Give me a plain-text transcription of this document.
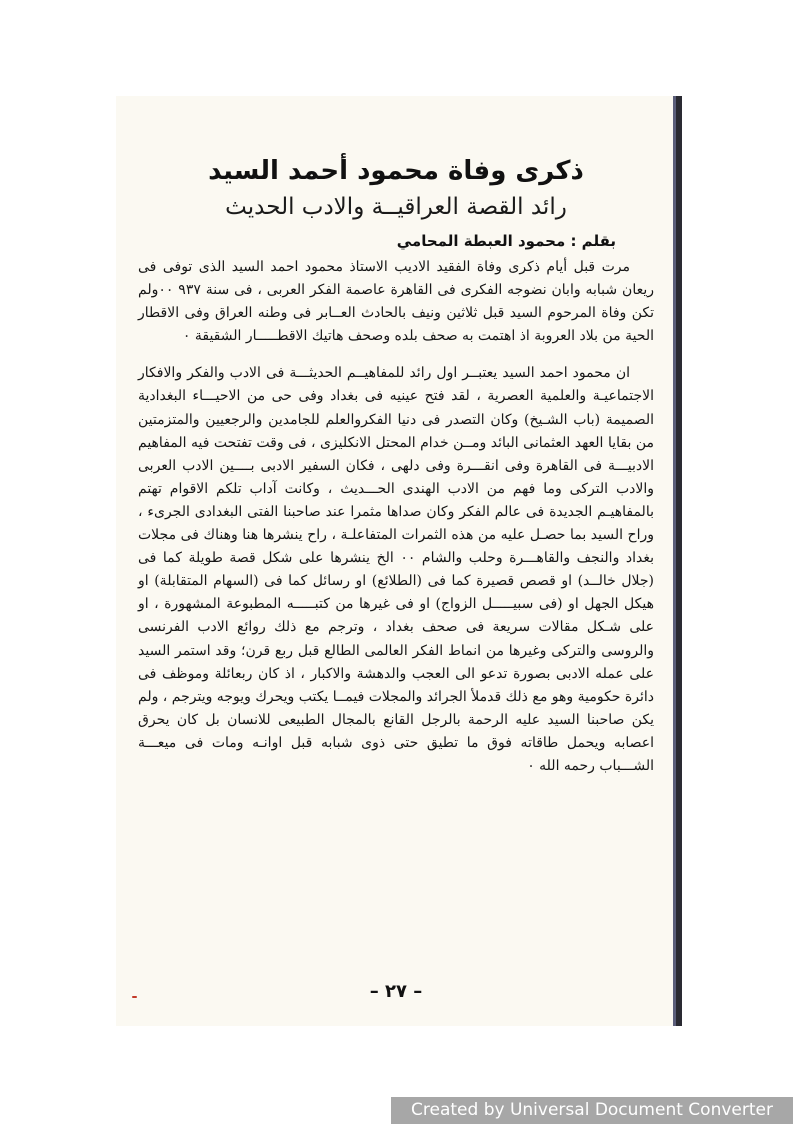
ذكرى وفاة محمود أحمد السيد
رائد القصة العراقيــة والادب الحديث
بقلم : محمود العبطة المحامي

مرت قبل أيام ذكرى وفاة الفقيد الاديب الاستاذ محمود احمد السيد الذى توفى فى ريعان شبابه وابان نضوجه الفكرى فى القاهرة عاصمة الفكر العربى ، فى سنة ٩٣٧ ٠٠ولم تكن وفاة المرحوم السيد قبل ثلاثين ونيف بالحادث العــابر فى وطنه العراق وفى الاقطار الحية من بلاد العروبة اذ اهتمت به صحف بلده وصحف هاتيك الاقطـــــار الشقيقة ٠

ان محمود احمد السيد يعتبــر اول رائد للمفاهيــم الحديثـــة فى الادب والفكر والافكار الاجتماعيـة والعلمية العصرية ، لقد فتح عينيه فى بغداد وفى حى من الاحيـــاء البغدادية الصميمة (باب الشـيخ) وكان التصدر فى دنيا الفكروالعلم للجامدين والرجعيين والمتزمتين من بقايا العهد العثمانى البائد ومــن خدام المحتل الانكليزى ، فى وقت تفتحت فيه المفاهيم الادبيـــة فى القاهرة وفى انقـــرة وفى دلهى ، فكان السفير الادبى بــــين الادب العربى والادب التركى وما فهم من الادب الهندى الحـــديث ، وكانت آداب تلكم الاقوام تهتم بالمفاهيـم الجديدة فى عالم الفكر وكان صداها مثمرا عند صاحبنا الفتى البغدادى الجرىء ، وراح السيد بما حصـل عليه من هذه الثمرات المتفاعلـة ، راح ينشرها هنا وهناك فى مجلات بغداد والنجف والقاهـــرة وحلب والشام ٠٠ الخ ينشرها على شكل قصة طويلة كما فى (جلال خالــد) او قصص قصيرة كما فى (الطلائع) او رسائل كما فى (السهام المتقابلة) او هيكل الجهل او (فى سبيـــــل الزواج) او فى غيرها من كتبـــــه المطبوعة المشهورة ، او على شـكل مقالات سريعة فى صحف بغداد ، وترجم مع ذلك روائع الادب الفرنسى والروسى والتركى وغيرها من انماط الفكر العالمى الطالع قبل ربع قرن؛ وقد استمر السيد على عمله الادبى بصورة تدعو الى العجب والدهشة والاكبار ، اذ كان ربعائلة وموظف فى دائرة حكومية وهو مع ذلك قدملأ الجرائد والمجلات فيمــا يكتب ويحرك ويوجه ويترجم ، ولم يكن صاحبنا السيد عليه الرحمة بالرجل القانع بالمجال الطبيعى للانسان بل كان يحرق اعصابه ويحمل طاقاته فوق ما تطيق حتى ذوى شبابه قبل اوانـه ومات فى ميعـــة الشـــباب رحمه الله ٠

– ٢٧ –
Created by Universal Document Converter
